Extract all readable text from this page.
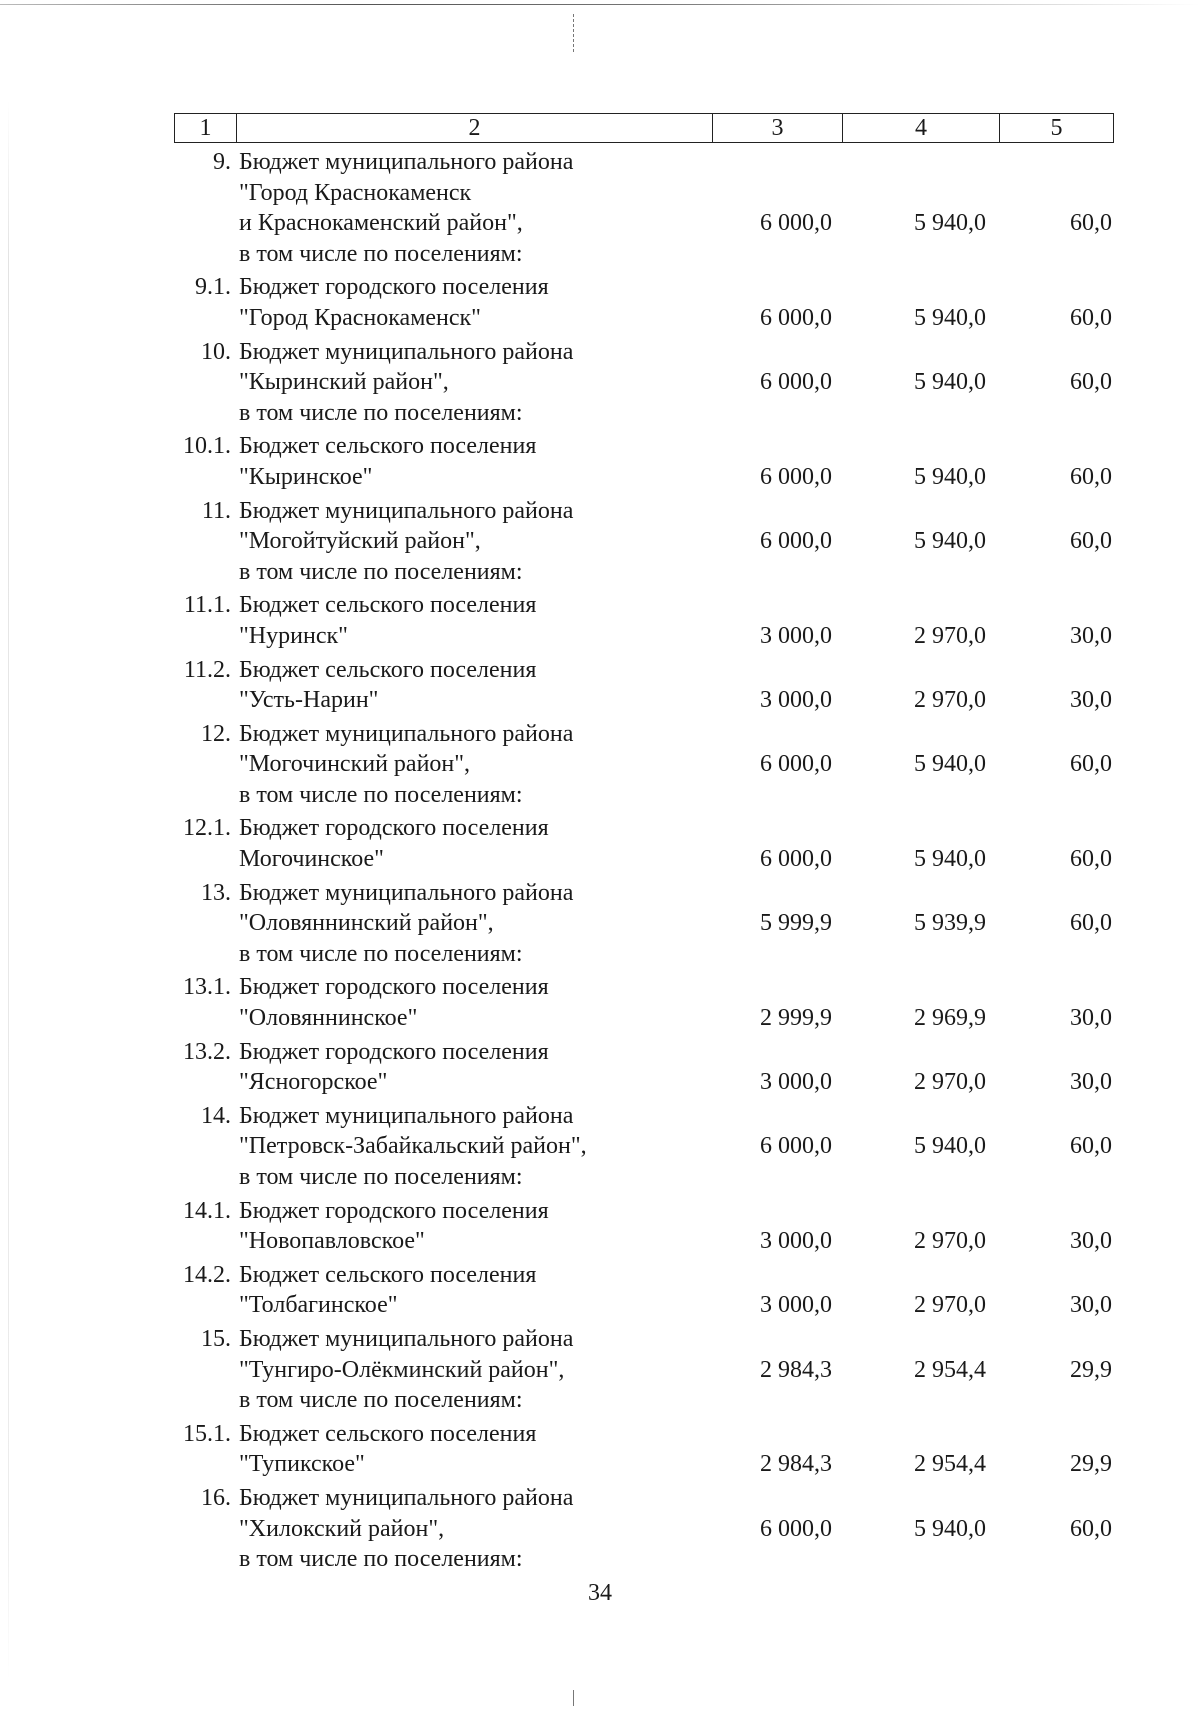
1	2	3	4	5
9. Бюджет муниципального района
"Город Краснокаменск
и Краснокаменский район",
в том числе по поселениям:
6 000,0	5 940,0	60,0
9.1. Бюджет городского поселения
"Город Краснокаменск"	6 000,0	5 940,0	60,0
10. Бюджет муниципального района
"Кыринский район",
в том числе по поселениям:
6 000,0	5 940,0	60,0
10.1. Бюджет сельского поселения
"Кыринское"	6 000,0	5 940,0	60,0
11. Бюджет муниципального района
"Могойтуйский район",
в том числе по поселениям:
6 000,0	5 940,0	60,0
11.1. Бюджет сельского поселения
"Нуринск"	3 000,0	2 970,0	30,0
11.2. Бюджет сельского поселения
"Усть-Нарин"	3 000,0	2 970,0	30,0
12. Бюджет муниципального района
"Могочинский район",
в том числе по поселениям:
6 000,0	5 940,0	60,0
12.1. Бюджет городского поселения
Могочинское"	6 000,0	5 940,0	60,0
13. Бюджет муниципального района
"Оловяннинский район",
в том числе по поселениям:
5 999,9	5 939,9	60,0
13.1. Бюджет городского поселения
"Оловяннинское"	2 999,9	2 969,9	30,0
13.2. Бюджет городского поселения
"Ясногорское"	3 000,0	2 970,0	30,0
14. Бюджет муниципального района
"Петровск-Забайкальский район",
в том числе по поселениям:
6 000,0	5 940,0	60,0
14.1. Бюджет городского поселения
"Новопавловское"	3 000,0	2 970,0	30,0
14.2. Бюджет сельского поселения
"Толбагинское"	3 000,0	2 970,0	30,0
15. Бюджет муниципального района
"Тунгиро-Олёкминский район",
в том числе по поселениям:
2 984,3	2 954,4	29,9
15.1. Бюджет сельского поселения
"Тупикское"	2 984,3	2 954,4	29,9
16. Бюджет муниципального района
"Хилокский район",
в том числе по поселениям:
6 000,0	5 940,0	60,0
34
